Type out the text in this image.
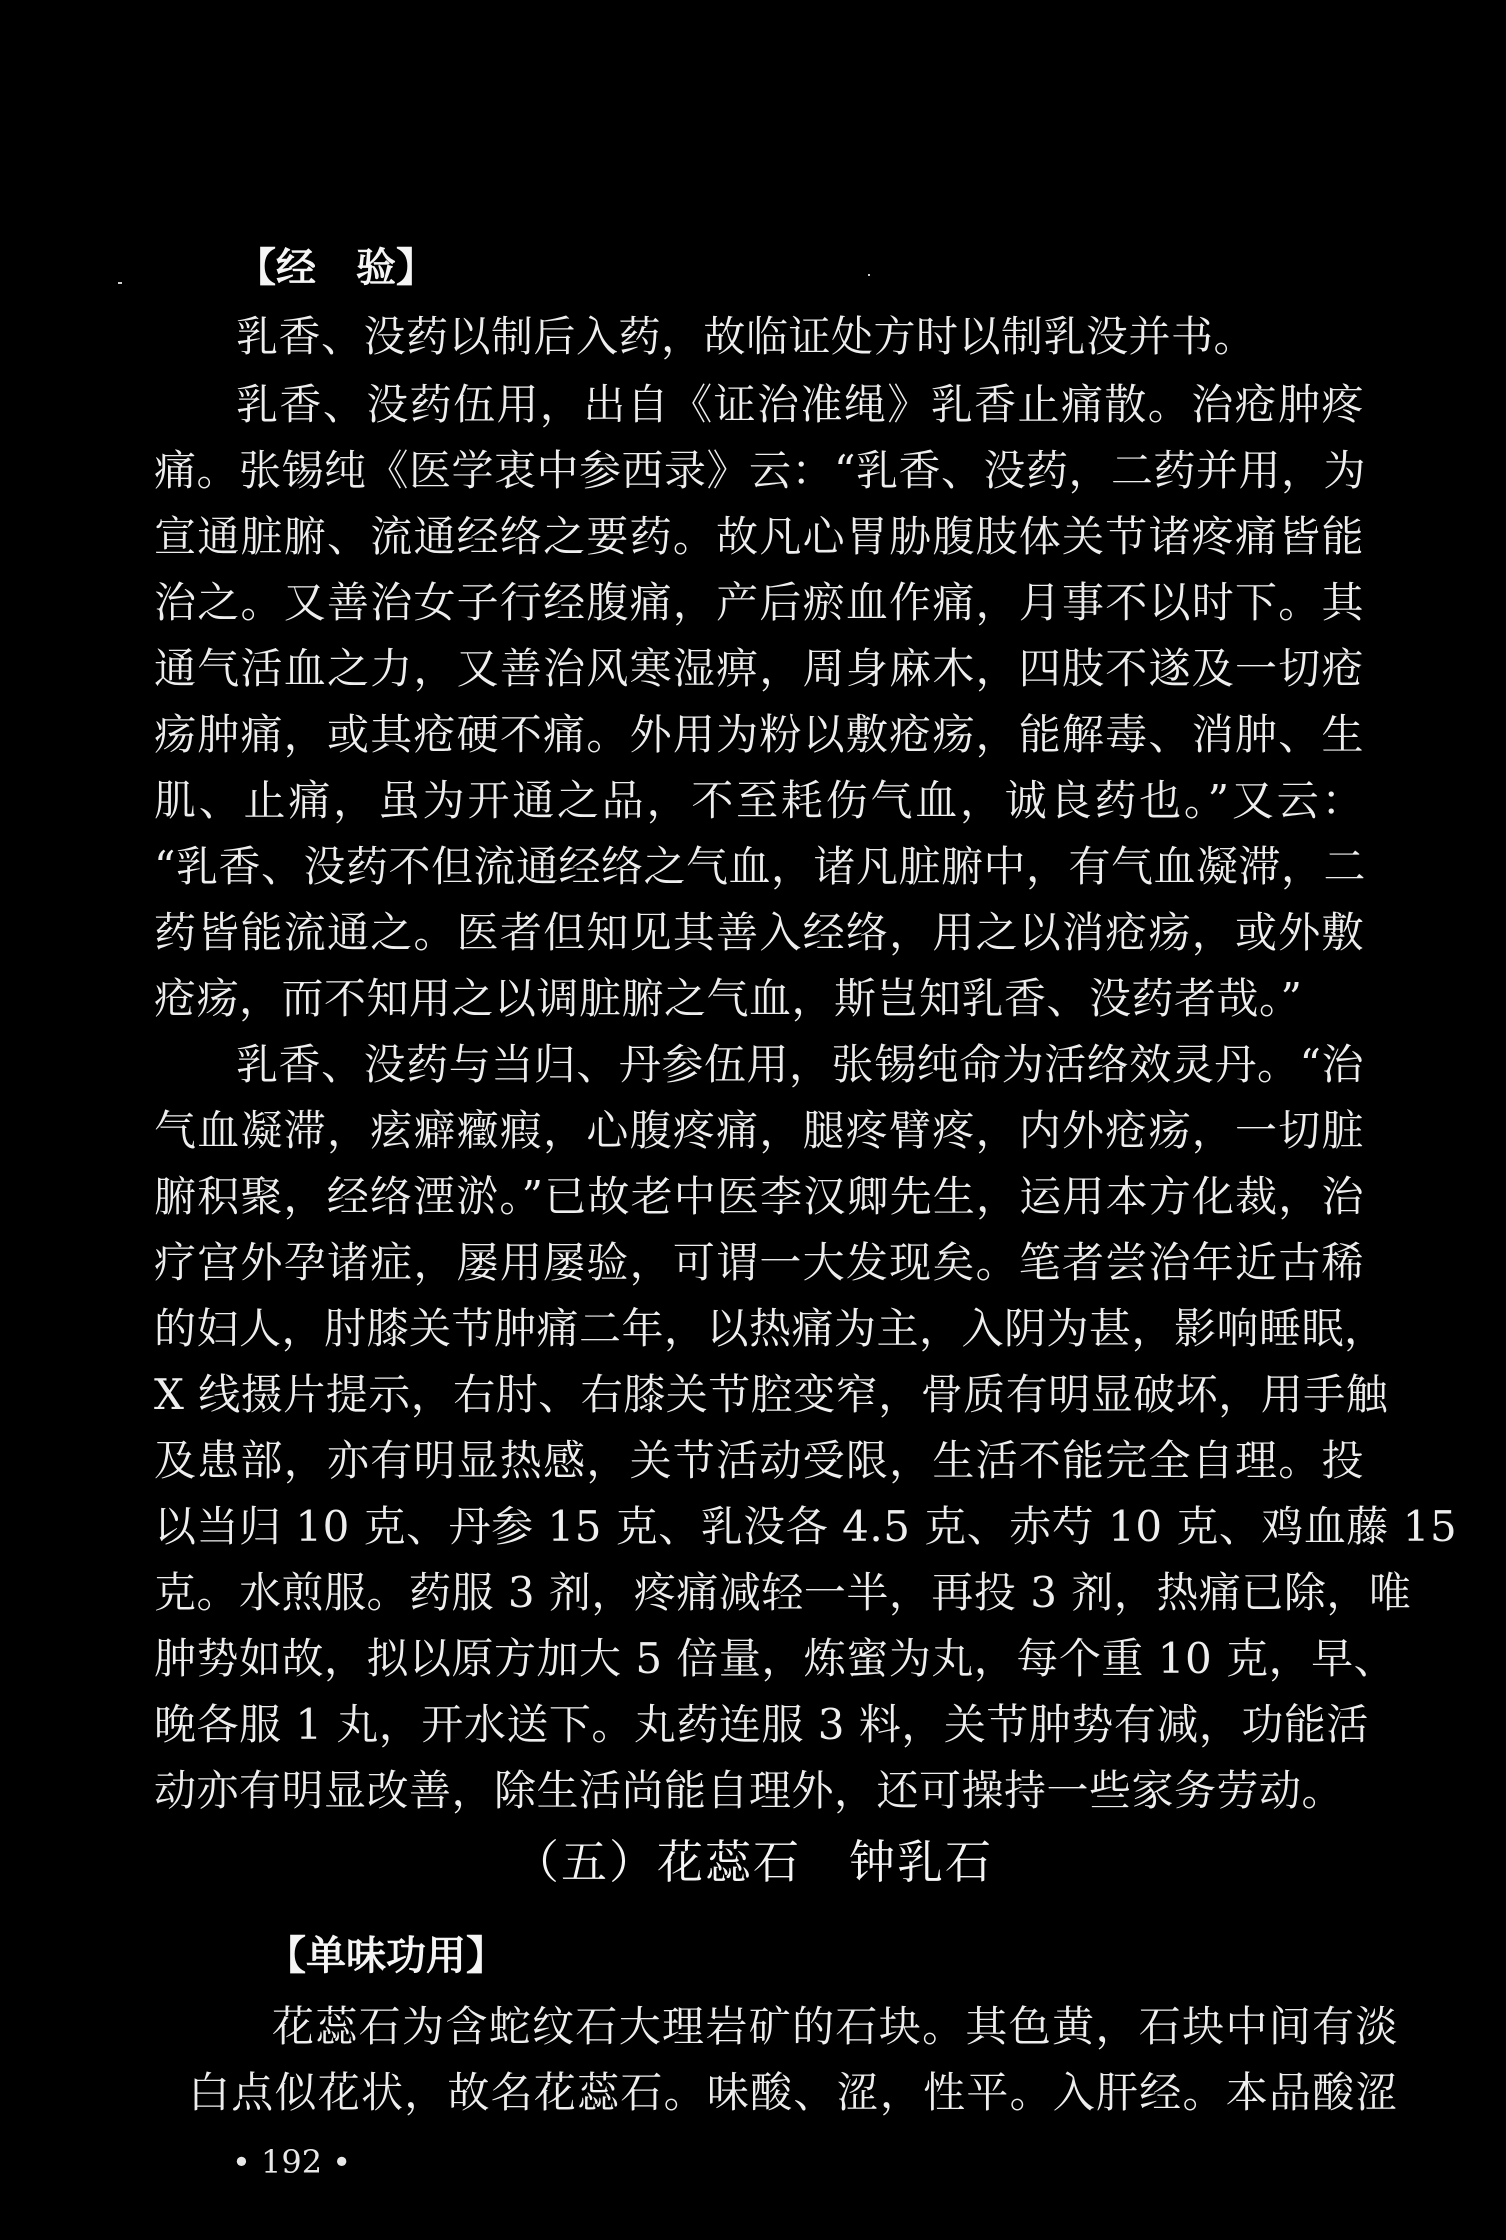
【经　验】
乳香、没药以制后入药，故临证处方时以制乳没并书。
乳香、没药伍用，出自《证治准绳》乳香止痛散。治疮肿疼
痛。张锡纯《医学衷中参西录》云：“乳香、没药，二药并用，为
宣通脏腑、流通经络之要药。故凡心胃胁腹肢体关节诸疼痛皆能
治之。又善治女子行经腹痛，产后瘀血作痛，月事不以时下。其
通气活血之力，又善治风寒湿痹，周身麻木，四肢不遂及一切疮
疡肿痛，或其疮硬不痛。外用为粉以敷疮疡，能解毒、消肿、生
肌、止痛，虽为开通之品，不至耗伤气血，诚良药也。”又云：
“乳香、没药不但流通经络之气血，诸凡脏腑中，有气血凝滞，二
药皆能流通之。医者但知见其善入经络，用之以消疮疡，或外敷
疮疡，而不知用之以调脏腑之气血，斯岂知乳香、没药者哉。”
乳香、没药与当归、丹参伍用，张锡纯命为活络效灵丹。“治
气血凝滞，痃癖癥瘕，心腹疼痛，腿疼臂疼，内外疮疡，一切脏
腑积聚，经络湮淤。”已故老中医李汉卿先生，运用本方化裁，治
疗宫外孕诸症，屡用屡验，可谓一大发现矣。笔者尝治年近古稀
的妇人，肘膝关节肿痛二年，以热痛为主，入阴为甚，影响睡眠，
X 线摄片提示，右肘、右膝关节腔变窄，骨质有明显破坏，用手触
及患部，亦有明显热感，关节活动受限，生活不能完全自理。投
以当归 10 克、丹参 15 克、乳没各 4.5 克、赤芍 10 克、鸡血藤 15
克。水煎服。药服 3 剂，疼痛减轻一半，再投 3 剂，热痛已除，唯
肿势如故，拟以原方加大 5 倍量，炼蜜为丸，每个重 10 克，早、
晚各服 1 丸，开水送下。丸药连服 3 料，关节肿势有减，功能活
动亦有明显改善，除生活尚能自理外，还可操持一些家务劳动。
（五）花蕊石　钟乳石
【单味功用】
花蕊石为含蛇纹石大理岩矿的石块。其色黄，石块中间有淡
白点似花状，故名花蕊石。味酸、涩，性平。入肝经。本品酸涩
• 192 •
